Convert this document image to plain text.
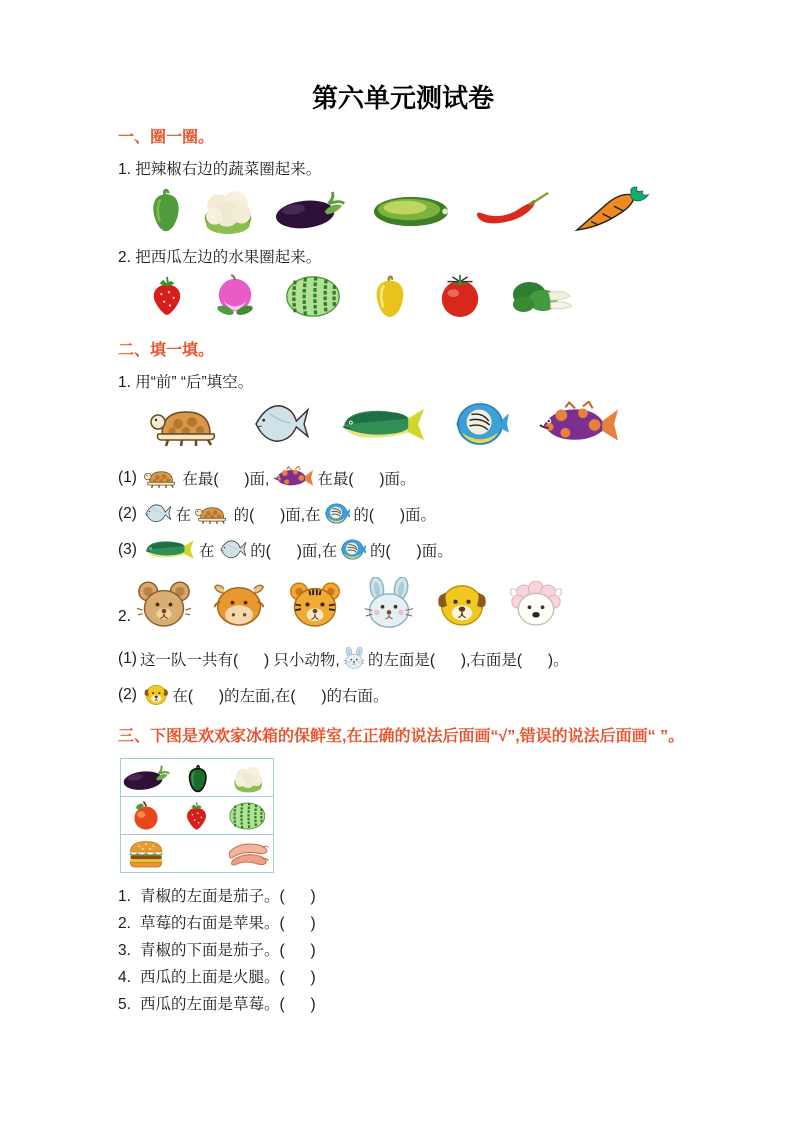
第六单元测试卷
一、圈一圈。
1. 把辣椒右边的蔬菜圈起来。
2. 把西瓜左边的水果圈起来。
二、填一填。
1. 用“前” “后”填空。
(1)	在最(      )面,	在最(      )面。
(2) 在	的(      )面,在 的(      )面。
(3)	在 的(      )面,在 的(      )面。
2.
(1) 这一队一共有(      ) 只小动物, 的左面是(      ),右面是(      )。
(2) 在(      )的左面,在(      )的右面。
三、下图是欢欢家冰箱的保鲜室,在正确的说法后面画“√”,错误的说法后面画“ ”。
1. 青椒的左面是茄子。(      )
2. 草莓的右面是苹果。(      )
3. 青椒的下面是茄子。(      )
4. 西瓜的上面是火腿。(      )
5. 西瓜的左面是草莓。(      )
